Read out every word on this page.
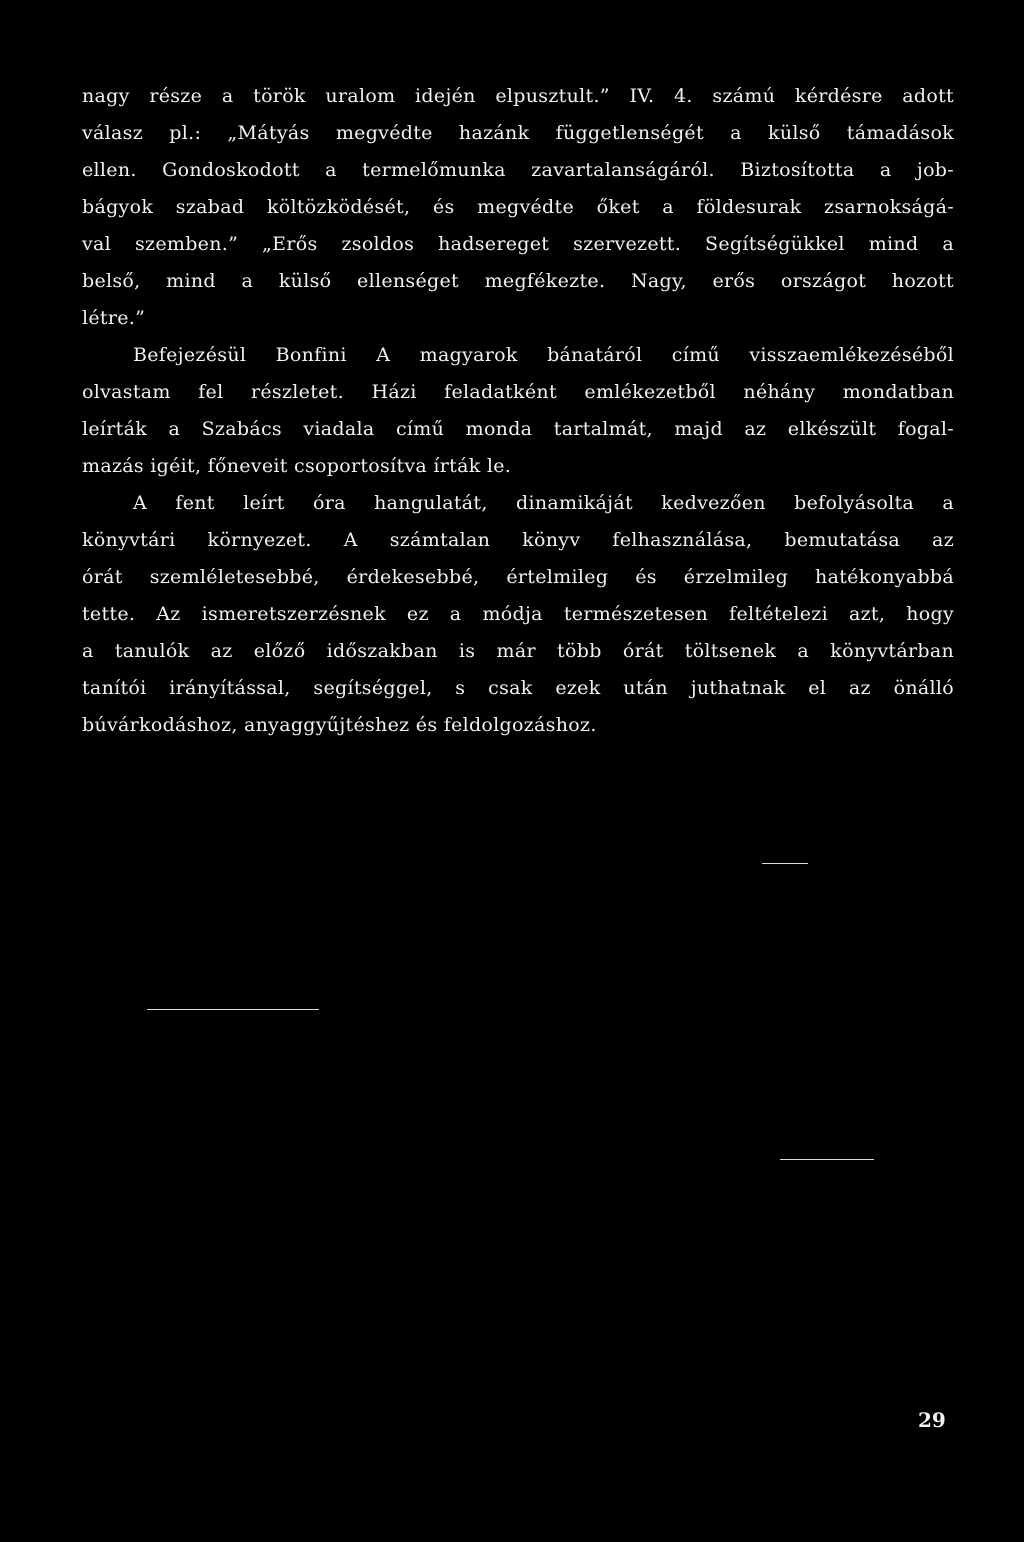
nagy része a török uralom idején elpusztult.” IV. 4. számú kérdésre adott
válasz pl.: „Mátyás megvédte hazánk függetlenségét a külső támadások
ellen. Gondoskodott a termelőmunka zavartalanságáról. Biztosította a job-
bágyok szabad költözködését, és megvédte őket a földesurak zsarnokságá-
val szemben.” „Erős zsoldos hadsereget szervezett. Segítségükkel mind a
belső, mind a külső ellenséget megfékezte. Nagy, erős országot hozott
létre.”
Befejezésül Bonfini A magyarok bánatáról című visszaemlékezéséből
olvastam fel részletet. Házi feladatként emlékezetből néhány mondatban
leírták a Szabács viadala című monda tartalmát, majd az elkészült fogal-
mazás igéit, főneveit csoportosítva írták le.
A fent leírt óra hangulatát, dinamikáját kedvezően befolyásolta a
könyvtári környezet. A számtalan könyv felhasználása, bemutatása az
órát szemléletesebbé, érdekesebbé, értelmileg és érzelmileg hatékonyabbá
tette. Az ismeretszerzésnek ez a módja természetesen feltételezi azt, hogy
a tanulók az előző időszakban is már több órát töltsenek a könyvtárban
tanítói irányítással, segítséggel, s csak ezek után juthatnak el az önálló
búvárkodáshoz, anyaggyűjtéshez és feldolgozáshoz.
29
